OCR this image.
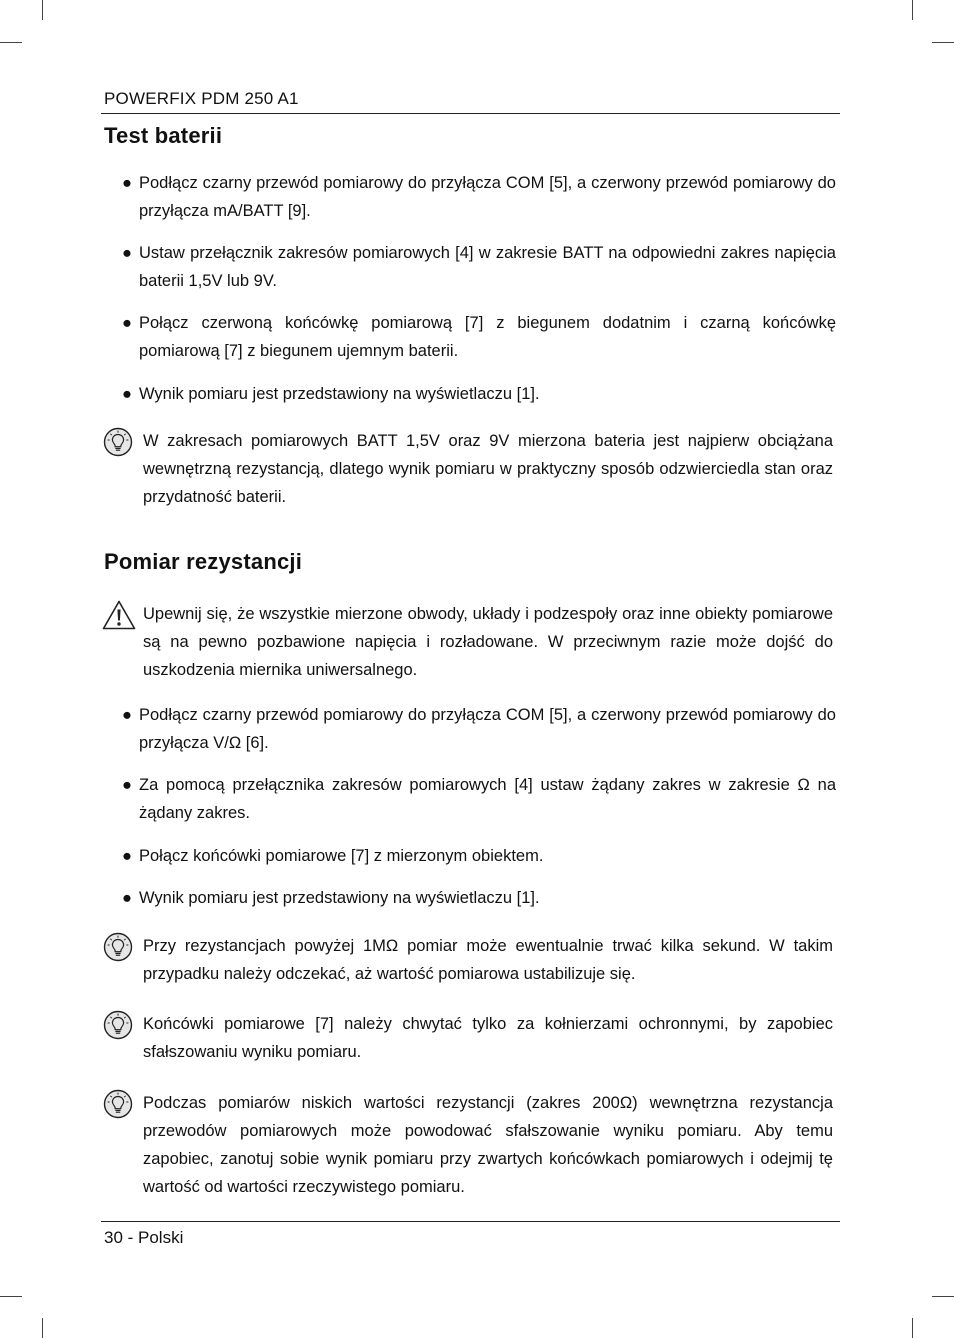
POWERFIX PDM 250 A1
Test baterii
● Podłącz czarny przewód pomiarowy do przyłącza COM [5], a czerwony przewód pomiarowy do przyłącza mA/BATT [9].
● Ustaw przełącznik zakresów pomiarowych [4] w zakresie BATT na odpowiedni zakres napięcia baterii 1,5V lub 9V.
● Połącz czerwoną końcówkę pomiarową [7] z biegunem dodatnim i czarną końcówkę pomiarową [7] z biegunem ujemnym baterii.
● Wynik pomiaru jest przedstawiony na wyświetlaczu [1].
W zakresach pomiarowych BATT 1,5V oraz 9V mierzona bateria jest najpierw obciążana wewnętrzną rezystancją, dlatego wynik pomiaru w praktyczny sposób odzwierciedla stan oraz przydatność baterii.
Pomiar rezystancji
Upewnij się, że wszystkie mierzone obwody, układy i podzespoły oraz inne obiekty pomiarowe są na pewno pozbawione napięcia i rozładowane. W przeciwnym razie może dojść do uszkodzenia miernika uniwersalnego.
● Podłącz czarny przewód pomiarowy do przyłącza COM [5], a czerwony przewód pomiarowy do przyłącza V/Ω [6].
● Za pomocą przełącznika zakresów pomiarowych [4] ustaw żądany zakres w zakresie Ω na żądany zakres.
● Połącz końcówki pomiarowe [7] z mierzonym obiektem.
● Wynik pomiaru jest przedstawiony na wyświetlaczu [1].
Przy rezystancjach powyżej 1MΩ pomiar może ewentualnie trwać kilka sekund. W takim przypadku należy odczekać, aż wartość pomiarowa ustabilizuje się.
Końcówki pomiarowe [7] należy chwytać tylko za kołnierzami ochronnymi, by zapobiec sfałszowaniu wyniku pomiaru.
Podczas pomiarów niskich wartości rezystancji (zakres 200Ω) wewnętrzna rezystancja przewodów pomiarowych może powodować sfałszowanie wyniku pomiaru. Aby temu zapobiec, zanotuj sobie wynik pomiaru przy zwartych końcówkach pomiarowych i odejmij tę wartość od wartości rzeczywistego pomiaru.
30 - Polski
